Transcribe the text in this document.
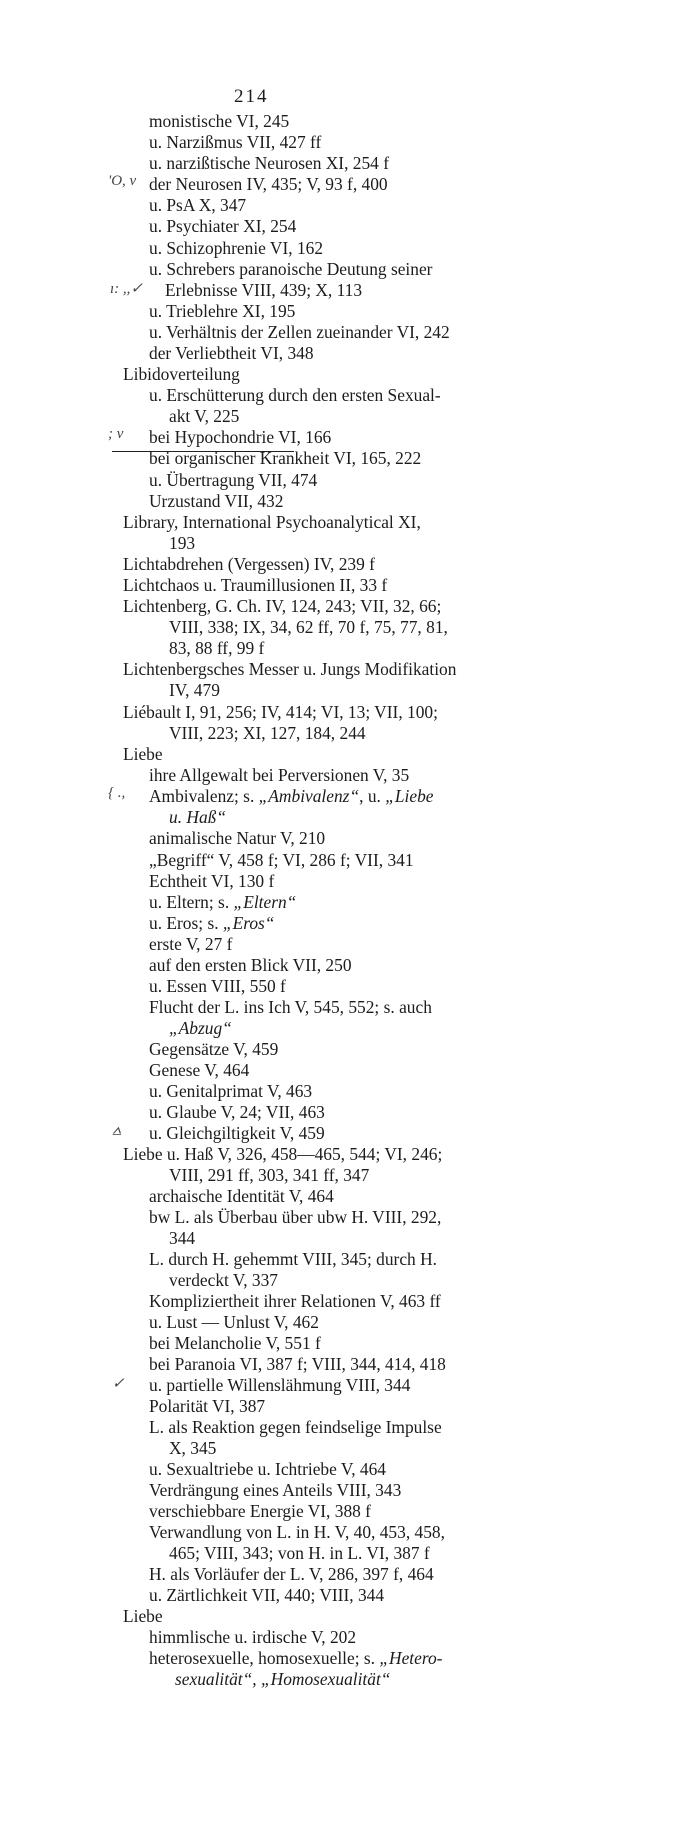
214
monistische VI, 245
u. Narzißmus VII, 427 ff
u. narzißtische Neurosen XI, 254 f
der Neurosen IV, 435; V, 93 f, 400
u. PsA X, 347
u. Psychiater XI, 254
u. Schizophrenie VI, 162
u. Schrebers paranoische Deutung seiner
Erlebnisse VIII, 439; X, 113
u. Trieblehre XI, 195
u. Verhältnis der Zellen zueinander VI, 242
der Verliebtheit VI, 348
Libidoverteilung
u. Erschütterung durch den ersten Sexual-
akt V, 225
bei Hypochondrie VI, 166
bei organischer Krankheit VI, 165, 222
u. Übertragung VII, 474
Urzustand VII, 432
Library, International Psychoanalytical XI,
193
Lichtabdrehen (Vergessen) IV, 239 f
Lichtchaos u. Traumillusionen II, 33 f
Lichtenberg, G. Ch. IV, 124, 243; VII, 32, 66;
VIII, 338; IX, 34, 62 ff, 70 f, 75, 77, 81,
83, 88 ff, 99 f
Lichtenbergsches Messer u. Jungs Modifikation
IV, 479
Liébault I, 91, 256; IV, 414; VI, 13; VII, 100;
VIII, 223; XI, 127, 184, 244
Liebe
ihre Allgewalt bei Perversionen V, 35
Ambivalenz; s. „Ambivalenz“, u. „Liebe
u. Haß“
animalische Natur V, 210
„Begriff“ V, 458 f; VI, 286 f; VII, 341
Echtheit VI, 130 f
u. Eltern; s. „Eltern“
u. Eros; s. „Eros“
erste V, 27 f
auf den ersten Blick VII, 250
u. Essen VIII, 550 f
Flucht der L. ins Ich V, 545, 552; s. auch
„Abzug“
Gegensätze V, 459
Genese V, 464
u. Genitalprimat V, 463
u. Glaube V, 24; VII, 463
u. Gleichgiltigkeit V, 459
Liebe u. Haß V, 326, 458—465, 544; VI, 246;
VIII, 291 ff, 303, 341 ff, 347
archaische Identität V, 464
bw L. als Überbau über ubw H. VIII, 292,
344
L. durch H. gehemmt VIII, 345; durch H.
verdeckt V, 337
Kompliziertheit ihrer Relationen V, 463 ff
u. Lust — Unlust V, 462
bei Melancholie V, 551 f
bei Paranoia VI, 387 f; VIII, 344, 414, 418
u. partielle Willenslähmung VIII, 344
Polarität VI, 387
L. als Reaktion gegen feindselige Impulse
X, 345
u. Sexualtriebe u. Ichtriebe V, 464
Verdrängung eines Anteils VIII, 343
verschiebbare Energie VI, 388 f
Verwandlung von L. in H. V, 40, 453, 458,
465; VIII, 343; von H. in L. VI, 387 f
H. als Vorläufer der L. V, 286, 397 f, 464
u. Zärtlichkeit VII, 440; VIII, 344
Liebe
himmlische u. irdische V, 202
heterosexuelle, homosexuelle; s. „Hetero-
sexualität“, „Homosexualität“
'O, v
ı: ,,✓
; v
{ .,
⩟
✓
